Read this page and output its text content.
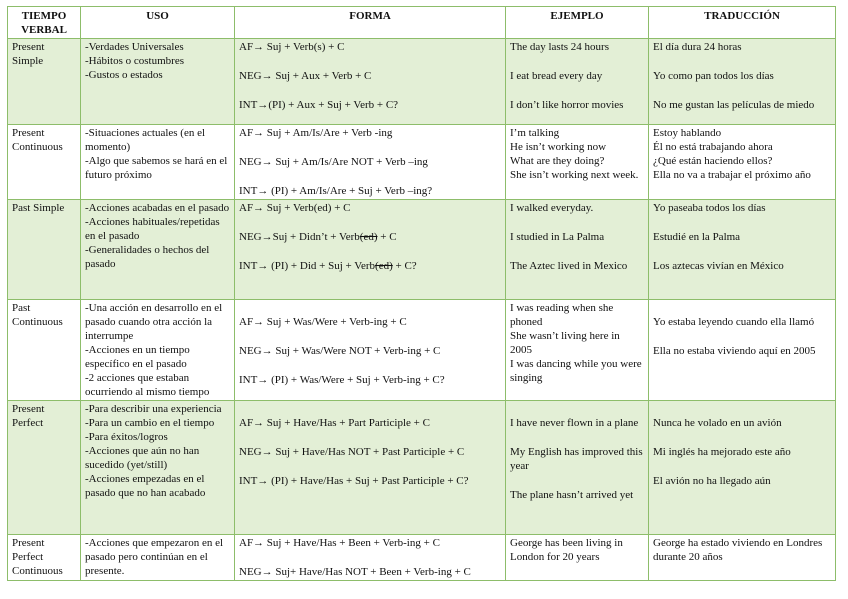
TIEMPO VERBAL	USO	FORMA	EJEMPLO	TRADUCCIÓN
Present Simple	-Verdades Universales
-Hábitos o costumbres
-Gustos o estados	AF→ Suj + Verb(s) + C
NEG→ Suj + Aux + Verb + C
INT→(PI) + Aux + Suj + Verb + C?	The day lasts 24 hours
I eat bread every day
I don’t like horror movies	El día dura 24 horas
Yo como pan todos los días
No me gustan las películas de miedo

Present Continuous	-Situaciones actuales (en el momento)
-Algo que sabemos se hará en el futuro próximo	AF→ Suj + Am/Is/Are + Verb -ing
NEG→ Suj + Am/Is/Are NOT + Verb –ing
INT→ (PI) + Am/Is/Are + Suj + Verb –ing?	I’m talking
He isn’t working now
What are they doing?
She isn’t working next week.	Estoy hablando
Él no está trabajando ahora
¿Qué están haciendo ellos?
Ella no va a trabajar el próximo año

Past Simple	-Acciones acabadas en el pasado
-Acciones habituales/repetidas en el pasado
-Generalidades o hechos del pasado	AF→ Suj + Verb(ed) + C
NEG→Suj + Didn’t + Verb(ed) + C
INT→ (PI) + Did + Suj + Verb(ed) + C?	I walked everyday.
I studied in La Palma
The Aztec lived in Mexico	Yo paseaba todos los días
Estudié en la Palma
Los aztecas vivían en México

Past Continuous	-Una acción en desarrollo en el pasado cuando otra acción la interrumpe
-Acciones en un tiempo específico en el pasado
-2 acciones que estaban ocurriendo al mismo tiempo	AF→ Suj + Was/Were + Verb-ing + C
NEG→ Suj + Was/Were NOT + Verb-ing + C
INT→ (PI) + Was/Were + Suj + Verb-ing + C?	I was reading when she phoned
She wasn’t living here in 2005
I was dancing while you were singing	Yo estaba leyendo cuando ella llamó
Ella no estaba viviendo aquí en 2005

Present Perfect	-Para describir una experiencia
-Para un cambio en el tiempo
-Para éxitos/logros
-Acciones que aún no han sucedido (yet/still)
-Acciones empezadas en el pasado que no han acabado	AF→ Suj + Have/Has + Part Participle + C
NEG→ Suj + Have/Has NOT + Past Participle + C
INT→ (PI) + Have/Has + Suj + Past Participle + C?	I have never flown in a plane
My English has improved this year
The plane hasn’t arrived yet	Nunca he volado en un avión
Mi inglés ha mejorado este año
El avión no ha llegado aún

Present Perfect Continuous	-Acciones que empezaron en el pasado pero continúan en el presente.	AF→ Suj + Have/Has + Been + Verb-ing + C
NEG→ Suj+ Have/Has NOT + Been + Verb-ing + C	George has been living in London for 20 years	George ha estado viviendo en Londres durante 20 años
